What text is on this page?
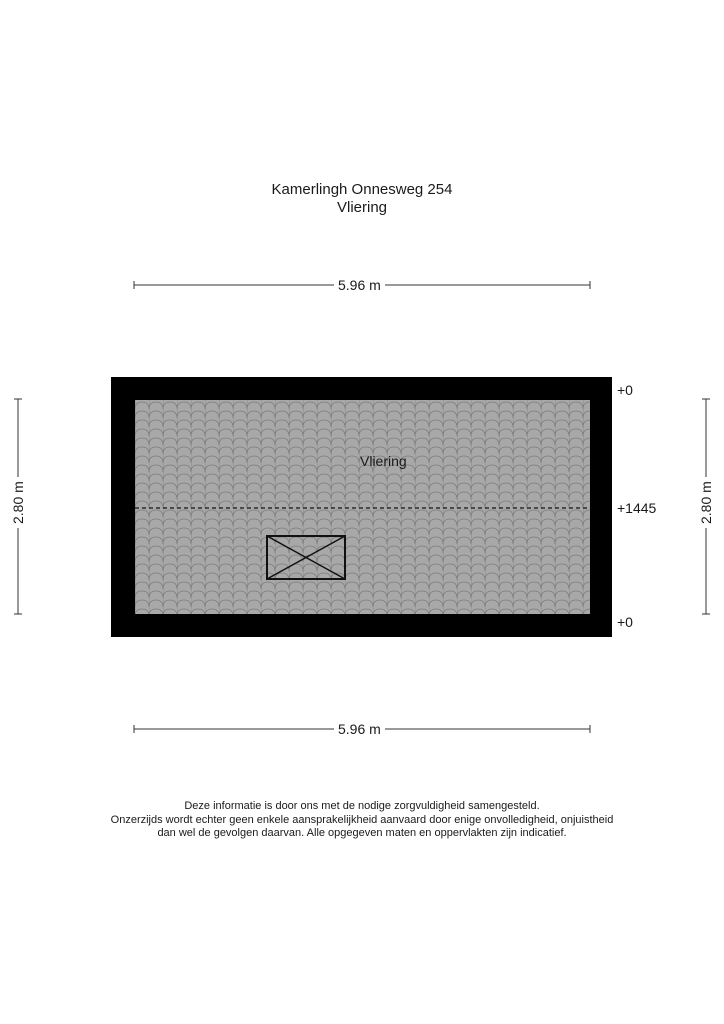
Kamerlingh Onnesweg 254
Vliering
5.96 m
5.96 m
2.80 m	2.80 m
+0
+1445
+0
Vliering
Deze informatie is door ons met de nodige zorgvuldigheid samengesteld.
Onzerzijds wordt echter geen enkele aansprakelijkheid aanvaard door enige onvolledigheid, onjuistheid
dan wel de gevolgen daarvan. Alle opgegeven maten en oppervlakten zijn indicatief.
